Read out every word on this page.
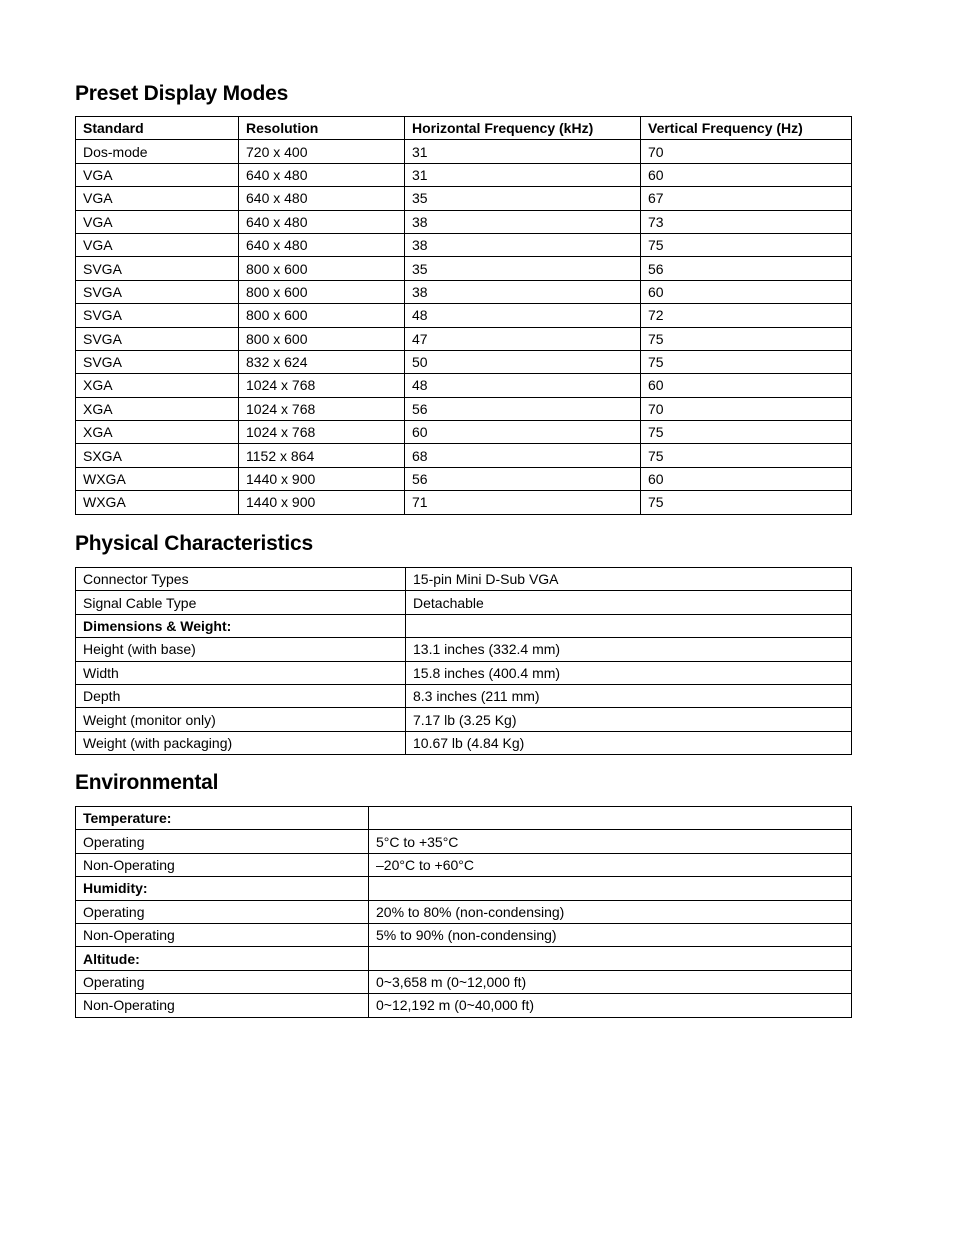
Preset Display Modes
Standard	Resolution	Horizontal Frequency (kHz)	Vertical Frequency (Hz)
Dos-mode	720 x 400	31	70
VGA	640 x 480	31	60
VGA	640 x 480	35	67
VGA	640 x 480	38	73
VGA	640 x 480	38	75
SVGA	800 x 600	35	56
SVGA	800 x 600	38	60
SVGA	800 x 600	48	72
SVGA	800 x 600	47	75
SVGA	832 x 624	50	75
XGA	1024 x 768	48	60
XGA	1024 x 768	56	70
XGA	1024 x 768	60	75
SXGA	1152 x 864	68	75
WXGA	1440 x 900	56	60
WXGA	1440 x 900	71	75
Physical Characteristics
Connector Types	15-pin Mini D-Sub VGA
Signal Cable Type	Detachable
Dimensions & Weight:	
Height (with base)	13.1 inches (332.4 mm)
Width	15.8 inches (400.4 mm)
Depth	8.3 inches (211 mm)
Weight (monitor only)	7.17 lb (3.25 Kg)
Weight (with packaging)	10.67 lb (4.84 Kg)
Environmental
Temperature:	
Operating	5°C to +35°C
Non-Operating	–20°C to +60°C
Humidity:	
Operating	20% to 80% (non-condensing)
Non-Operating	5% to 90% (non-condensing)
Altitude:	
Operating	0~3,658 m (0~12,000 ft)
Non-Operating	0~12,192 m (0~40,000 ft)
